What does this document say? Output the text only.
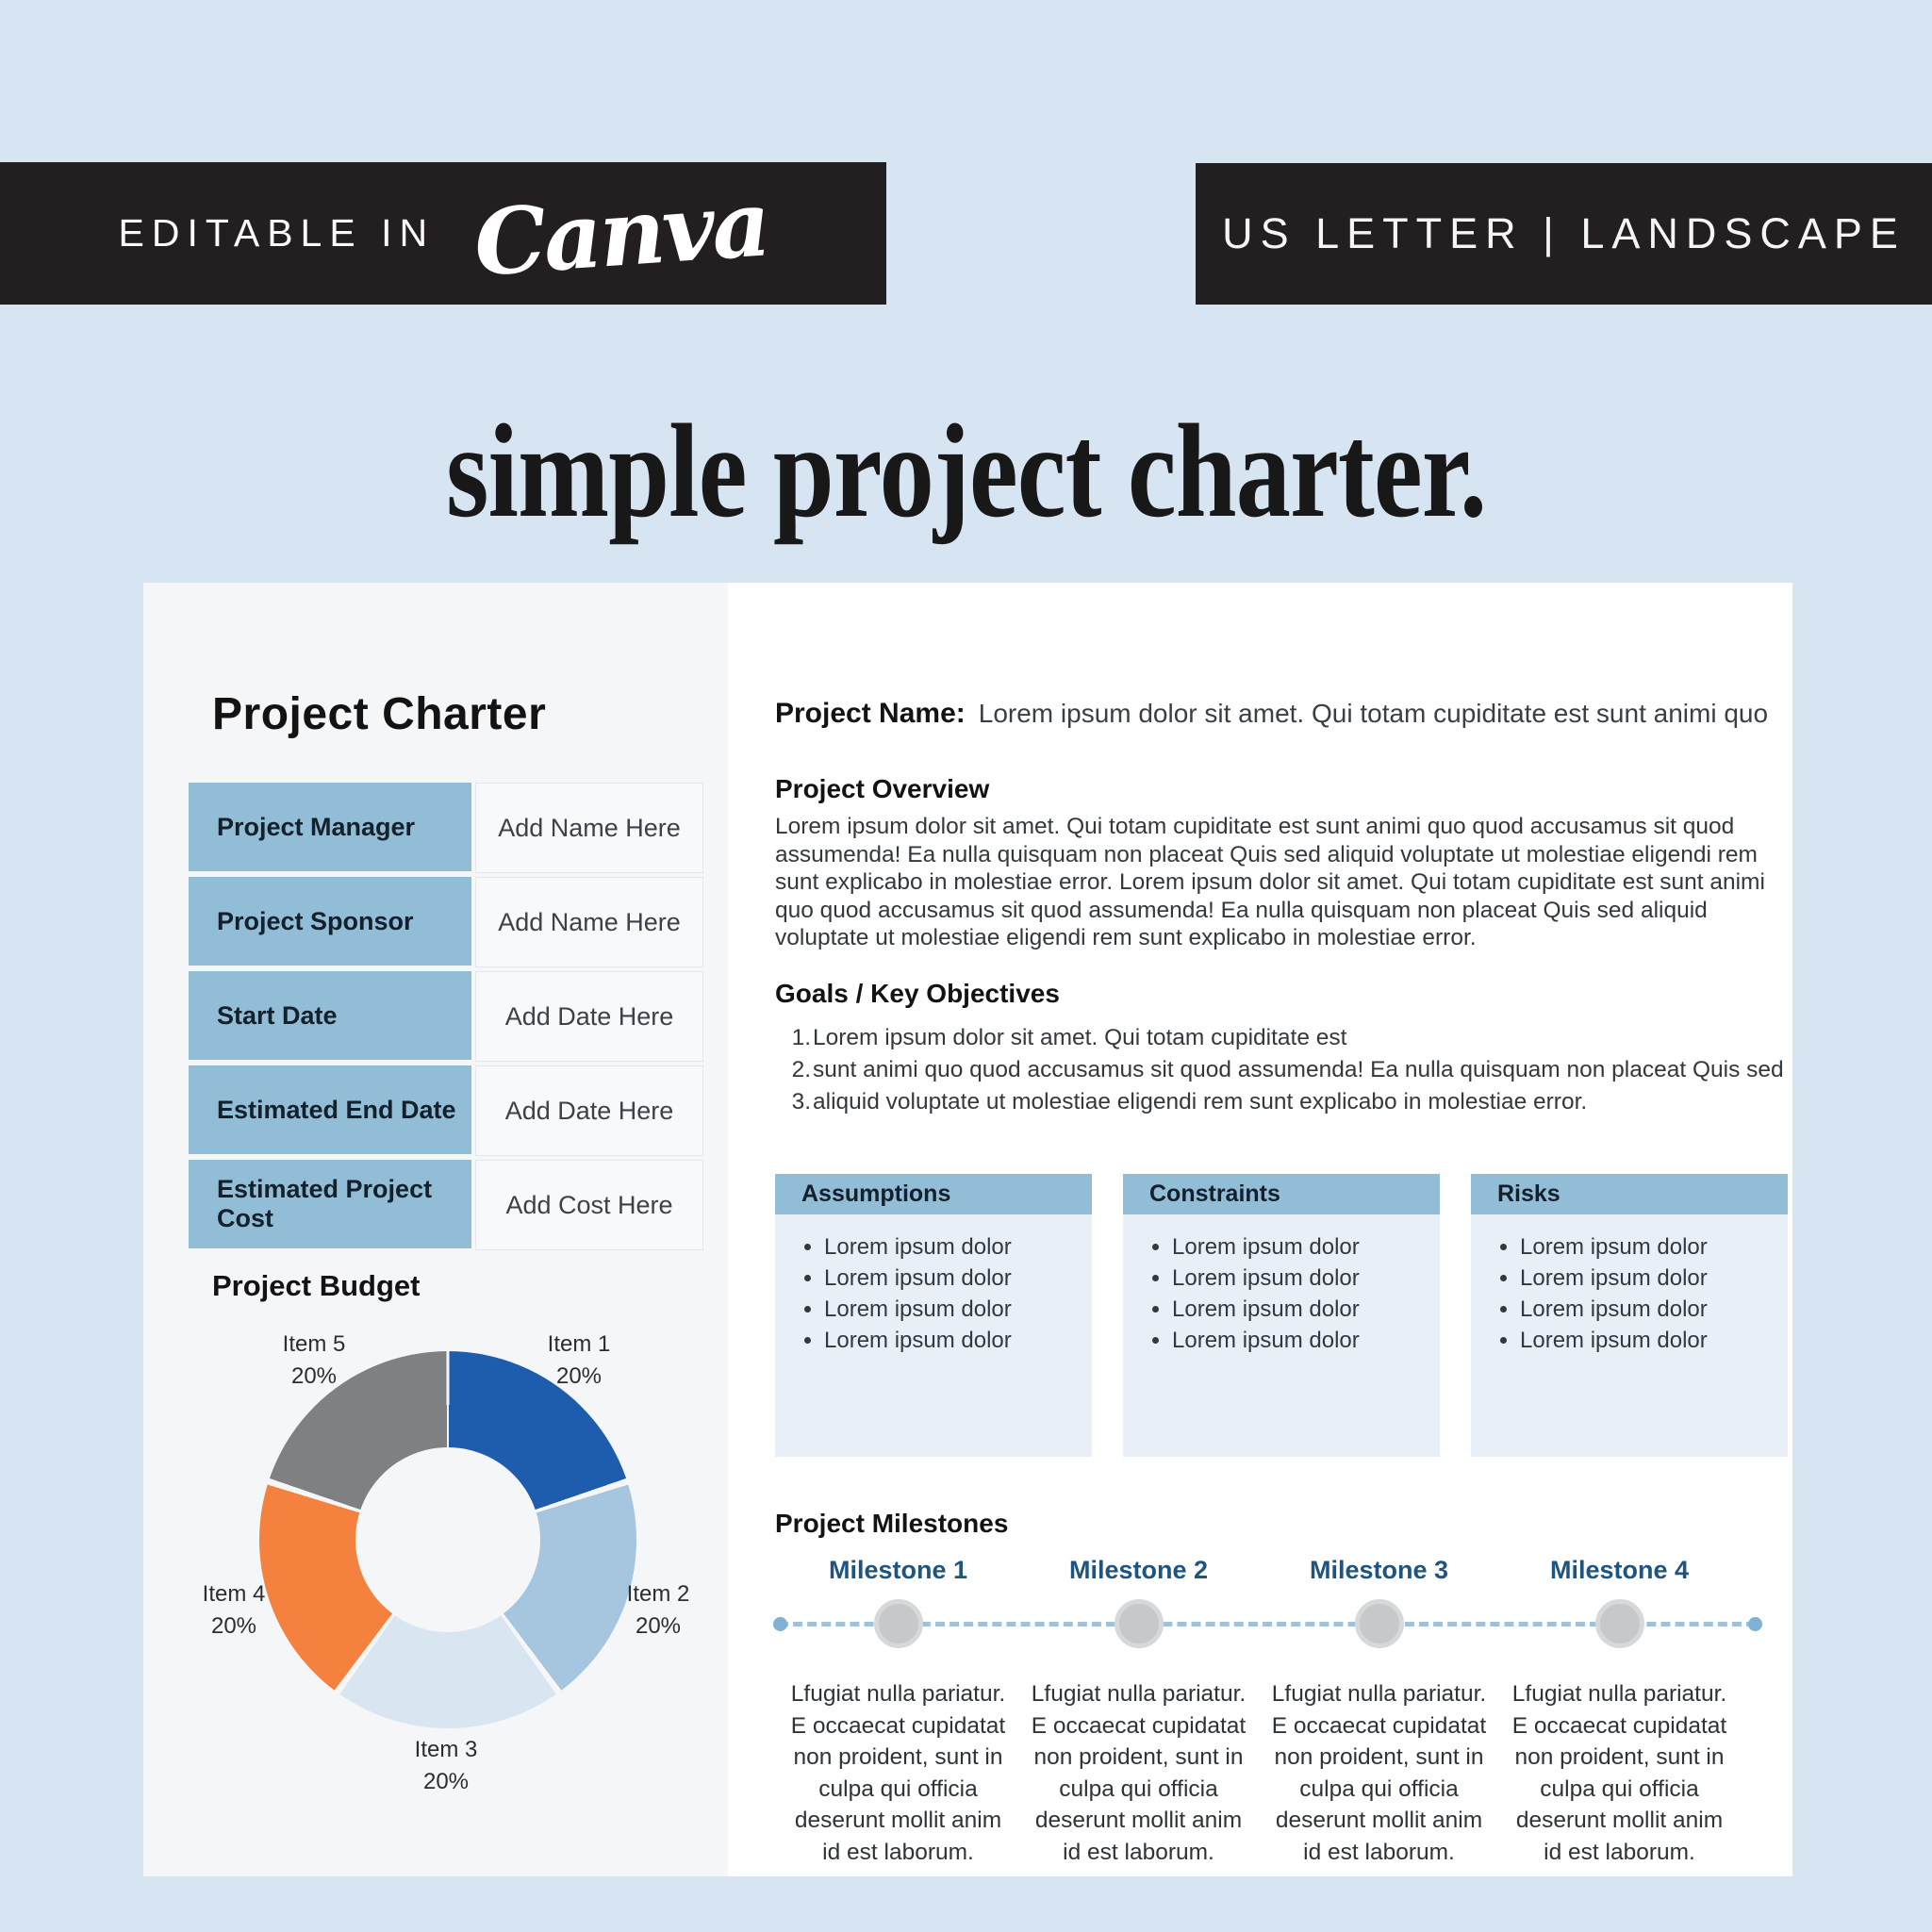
EDITABLE IN Canva	US LETTER | LANDSCAPE
simple project charter.
Project Charter
Project Manager	Add Name Here
Project Sponsor	Add Name Here
Start Date	Add Date Here
Estimated End Date	Add Date Here
Estimated Project Cost	Add Cost Here
Project Budget
Item 1
20%
Item 2
20%
Item 3
20%
Item 4
20%
Item 5
20%
Project Name: Lorem ipsum dolor sit amet. Qui totam cupiditate est sunt animi quo
Project Overview
Lorem ipsum dolor sit amet. Qui totam cupiditate est sunt animi quo quod accusamus sit quod assumenda! Ea nulla quisquam non placeat Quis sed aliquid voluptate ut molestiae eligendi rem sunt explicabo in molestiae error. Lorem ipsum dolor sit amet. Qui totam cupiditate est sunt animi quo quod accusamus sit quod assumenda! Ea nulla quisquam non placeat Quis sed aliquid voluptate ut molestiae eligendi rem sunt explicabo in molestiae error.
Goals / Key Objectives
1.Lorem ipsum dolor sit amet. Qui totam cupiditate est
2.sunt animi quo quod accusamus sit quod assumenda! Ea nulla quisquam non placeat Quis sed
3.aliquid voluptate ut molestiae eligendi rem sunt explicabo in molestiae error.
Assumptions
• Lorem ipsum dolor
• Lorem ipsum dolor
• Lorem ipsum dolor
• Lorem ipsum dolor
Constraints
• Lorem ipsum dolor
• Lorem ipsum dolor
• Lorem ipsum dolor
• Lorem ipsum dolor
Risks
• Lorem ipsum dolor
• Lorem ipsum dolor
• Lorem ipsum dolor
• Lorem ipsum dolor
Project Milestones
Milestone 1
Lfugiat nulla pariatur. E occaecat cupidatat non proident, sunt in culpa qui officia deserunt mollit anim id est laborum.
Milestone 2
Lfugiat nulla pariatur. E occaecat cupidatat non proident, sunt in culpa qui officia deserunt mollit anim id est laborum.
Milestone 3
Lfugiat nulla pariatur. E occaecat cupidatat non proident, sunt in culpa qui officia deserunt mollit anim id est laborum.
Milestone 4
Lfugiat nulla pariatur. E occaecat cupidatat non proident, sunt in culpa qui officia deserunt mollit anim id est laborum.
